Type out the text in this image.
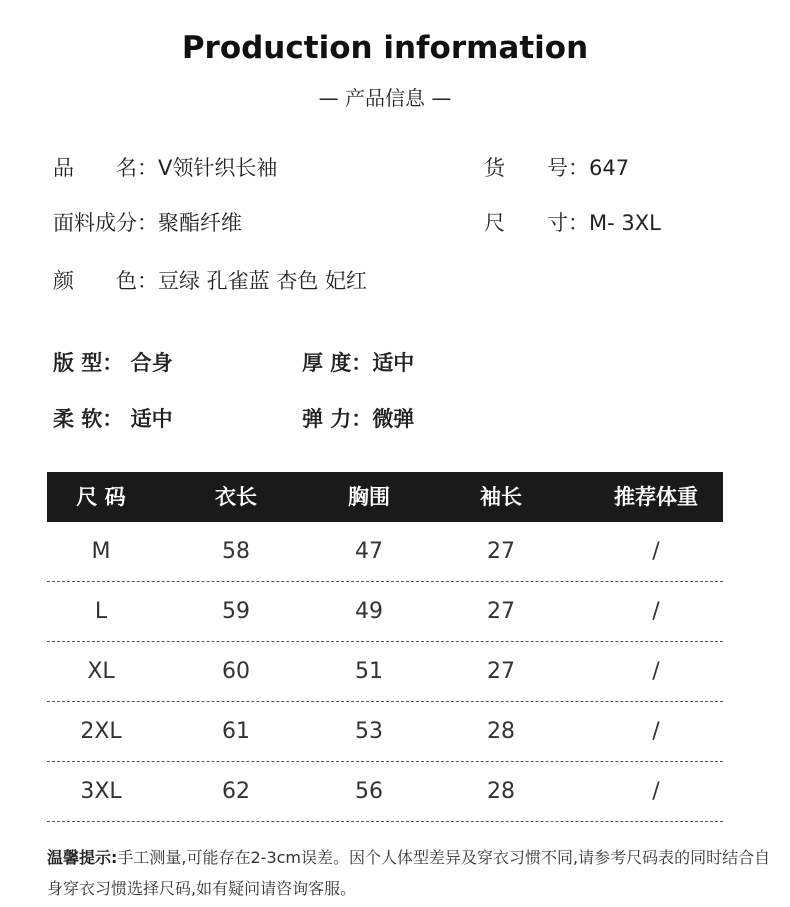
Production information
— 产品信息 —
品　　名：V领针织长袖	货　　号：647
面料成分：聚酯纤维	尺　　寸：M- 3XL
颜　　色：豆绿 孔雀蓝 杏色 妃红
版 型： 合身	厚 度：适中
柔 软： 适中	弹 力：微弹
尺 码	衣长	胸围	袖长	推荐体重
M	58	47	27	/
L	59	49	27	/
XL	60	51	27	/
2XL	61	53	28	/
3XL	62	56	28	/
温馨提示:手工测量,可能存在2-3cm误差。因个人体型差异及穿衣习惯不同,请参考尺码表的同时结合自身穿衣习惯选择尺码,如有疑问请咨询客服。
